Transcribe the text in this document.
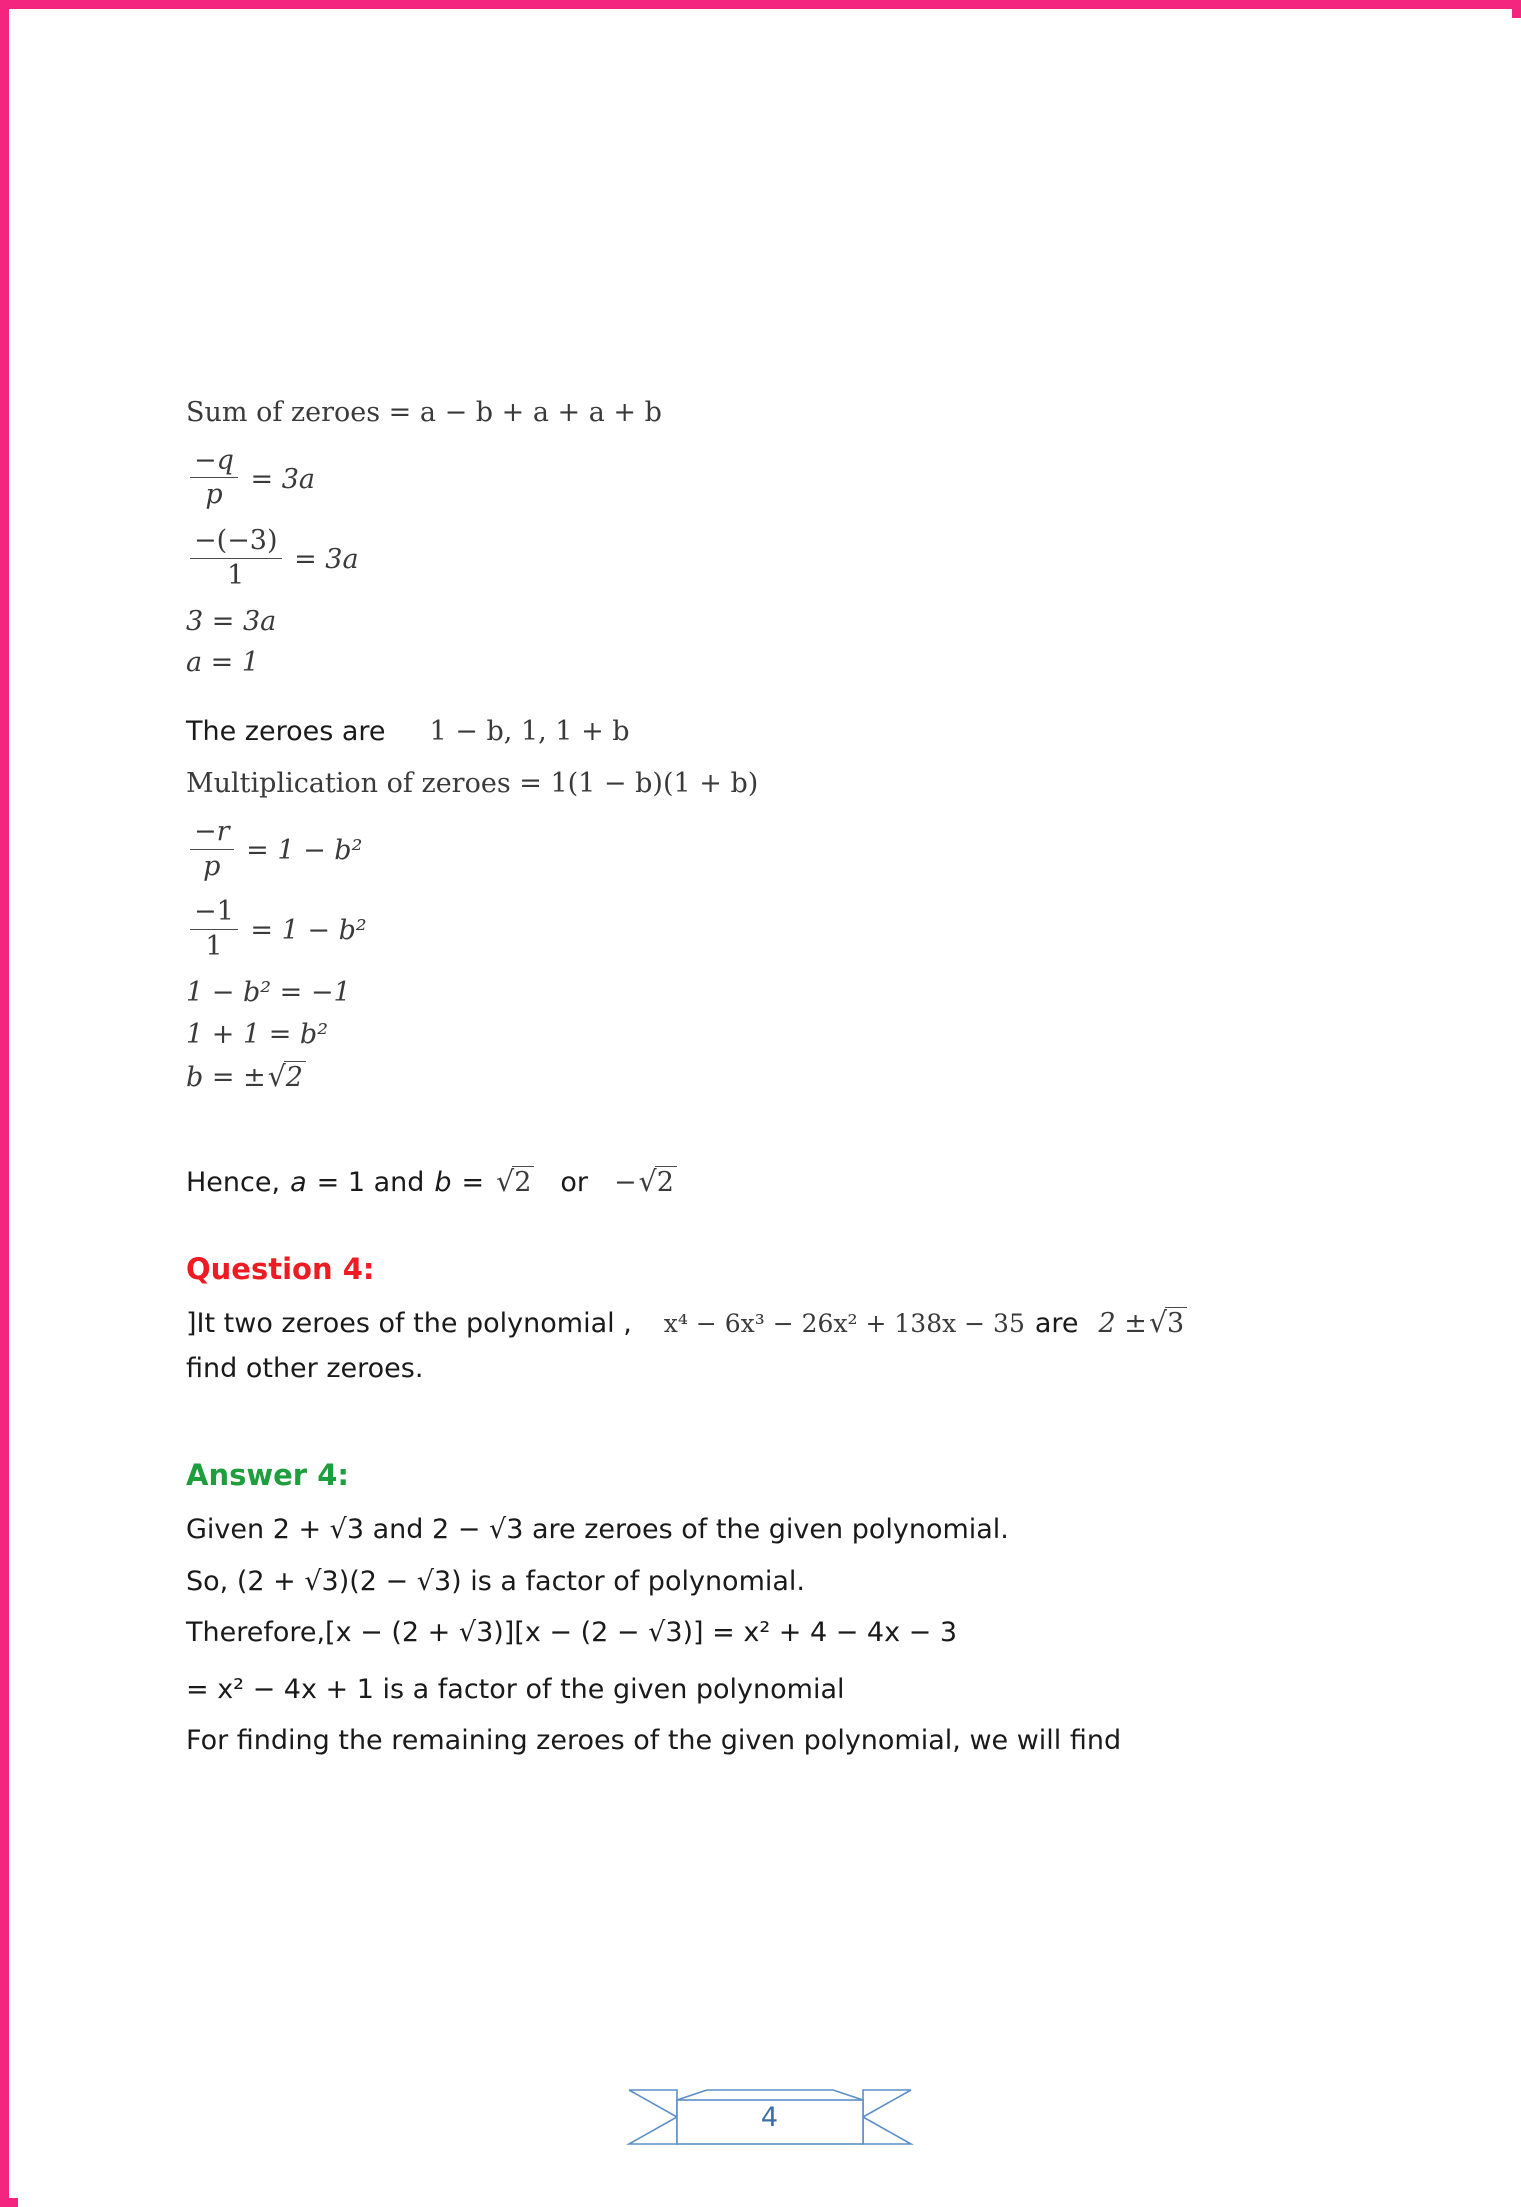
Sum of zeroes = a − b + a + a + b
$\frac{-q}{p} = 3a$
$\frac{-(-3)}{1} = 3a$
3 = 3a
a = 1
The zeroes are 1 − b, 1, 1 + b
Multiplication of zeroes = 1(1 − b)(1 + b)
$\frac{-r}{p} = 1 - b^2$
$\frac{-1}{1} = 1 - b^2$
1 − b² = −1
1 + 1 = b²
b = ±√2
Hence, a = 1 and b = √2 or −√2
Question 4:
]It two zeroes of the polynomial , x⁴ − 6x³ − 26x² + 138x − 35 are 2 ±√3
find other zeroes.
Answer 4:
Given 2 + √3 and 2 − √3 are zeroes of the given polynomial.
So, (2 + √3)(2 − √3) is a factor of polynomial.
Therefore,[x − (2 + √3)][x − (2 − √3)] = x² + 4 − 4x − 3
= x² − 4x + 1 is a factor of the given polynomial
For finding the remaining zeroes of the given polynomial, we will find
4
